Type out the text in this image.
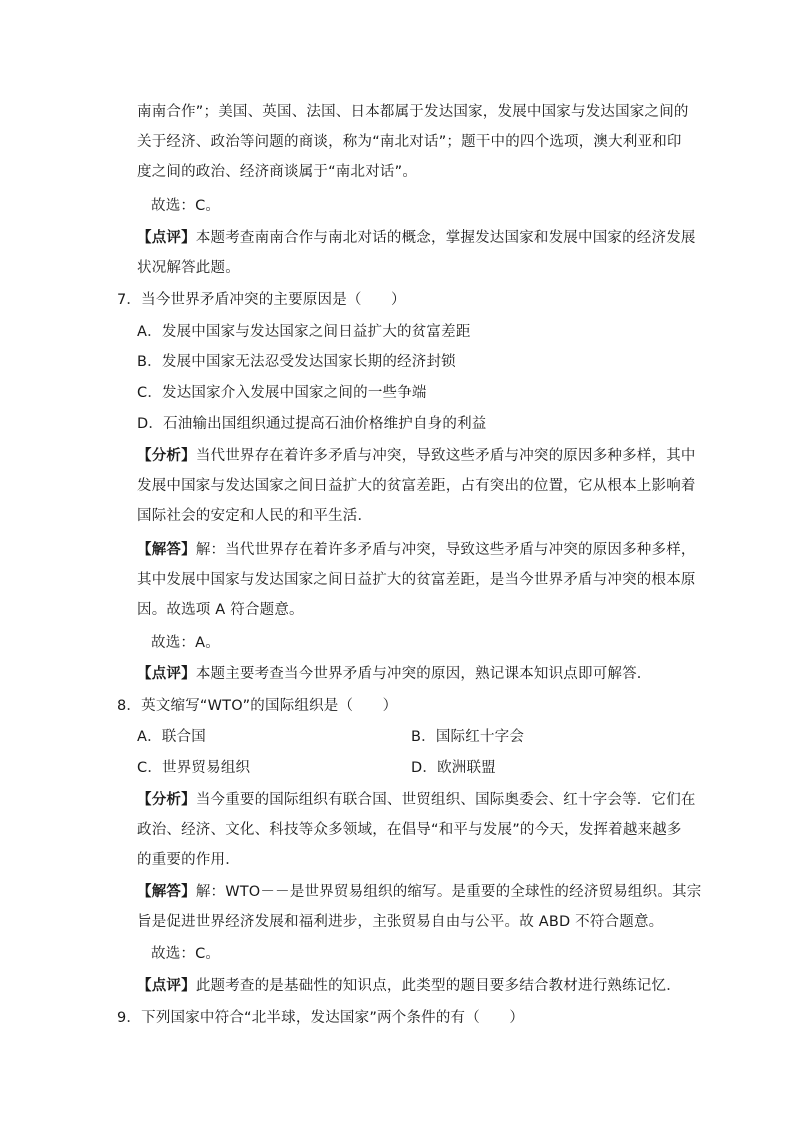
南南合作”；美国、英国、法国、日本都属于发达国家，发展中国家与发达国家之间的
关于经济、政治等问题的商谈，称为“南北对话”；题干中的四个选项，澳大利亚和印
度之间的政治、经济商谈属于“南北对话”。
故选：C。
【点评】本题考查南南合作与南北对话的概念，掌握发达国家和发展中国家的经济发展
状况解答此题。
7．当今世界矛盾冲突的主要原因是（　　）
A．发展中国家与发达国家之间日益扩大的贫富差距
B．发展中国家无法忍受发达国家长期的经济封锁
C．发达国家介入发展中国家之间的一些争端
D．石油输出国组织通过提高石油价格维护自身的利益
【分析】当代世界存在着许多矛盾与冲突，导致这些矛盾与冲突的原因多种多样，其中
发展中国家与发达国家之间日益扩大的贫富差距，占有突出的位置，它从根本上影响着
国际社会的安定和人民的和平生活．
【解答】解：当代世界存在着许多矛盾与冲突，导致这些矛盾与冲突的原因多种多样，
其中发展中国家与发达国家之间日益扩大的贫富差距，是当今世界矛盾与冲突的根本原
因。故选项 A 符合题意。
故选：A。
【点评】本题主要考查当今世界矛盾与冲突的原因，熟记课本知识点即可解答．
8．英文缩写“WTO”的国际组织是（　　）
A．联合国	B．国际红十字会
C．世界贸易组织	D．欧洲联盟
【分析】当今重要的国际组织有联合国、世贸组织、国际奥委会、红十字会等．它们在
政治、经济、文化、科技等众多领域，在倡导“和平与发展”的今天，发挥着越来越多
的重要的作用．
【解答】解：WTO－－是世界贸易组织的缩写。是重要的全球性的经济贸易组织。其宗
旨是促进世界经济发展和福利进步，主张贸易自由与公平。故 ABD 不符合题意。
故选：C。
【点评】此题考查的是基础性的知识点，此类型的题目要多结合教材进行熟练记忆．
9．下列国家中符合“北半球，发达国家”两个条件的有（　　）
